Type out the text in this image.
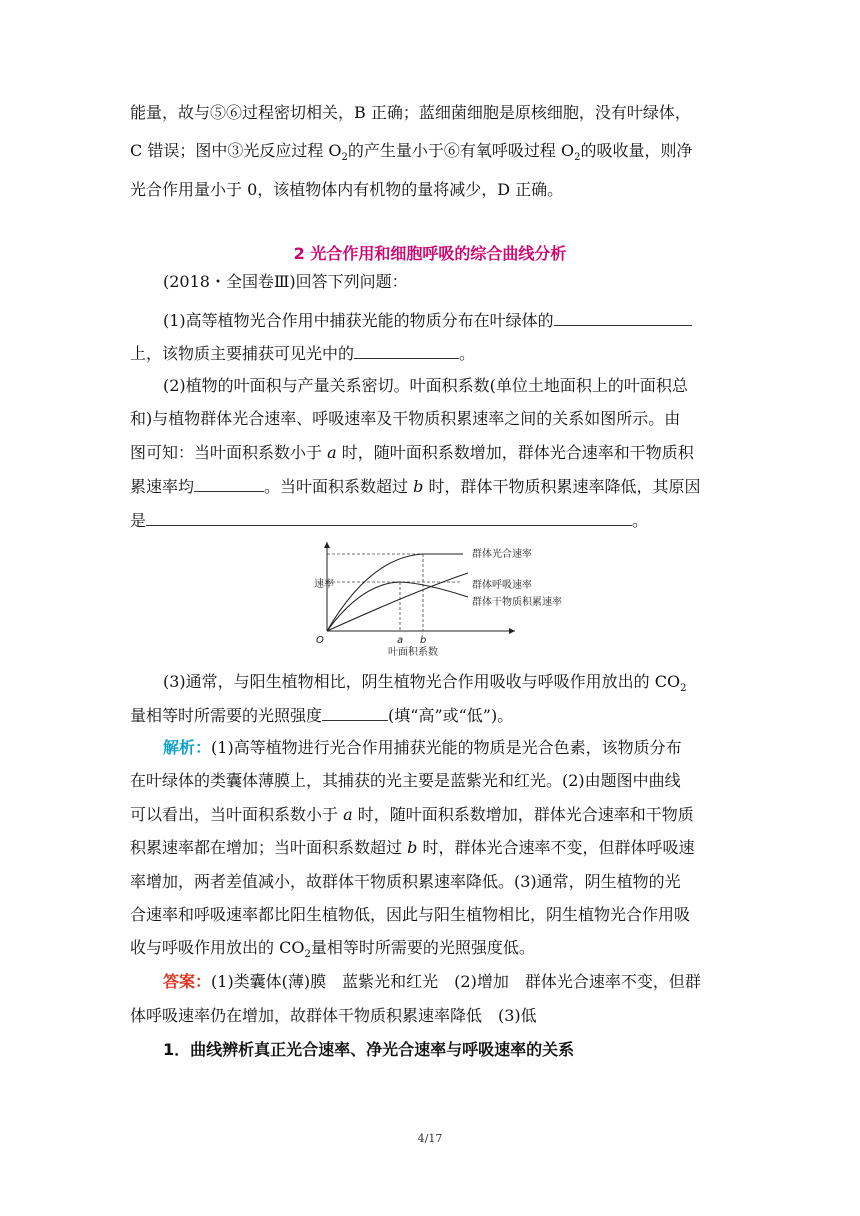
能量，故与⑤⑥过程密切相关，B 正确；蓝细菌细胞是原核细胞，没有叶绿体，
C 错误；图中③光反应过程 $O_2$的产生量小于⑥有氧呼吸过程 $O_2$的吸收量，则净
光合作用量小于 0，该植物体内有机物的量将减少，D 正确。
2 光合作用和细胞呼吸的综合曲线分析
(2018・全国卷Ⅲ)回答下列问题：
(1)高等植物光合作用中捕获光能的物质分布在叶绿体的
上，该物质主要捕获可见光中的	。
(2)植物的叶面积与产量关系密切。叶面积系数(单位土地面积上的叶面积总
和)与植物群体光合速率、呼吸速率及干物质积累速率之间的关系如图所示。由
图可知：当叶面积系数小于 a 时，随叶面积系数增加，群体光合速率和干物质积
累速率均	。当叶面积系数超过 b 时，群体干物质积累速率降低，其原因
是	。
速率
O	a b
叶面积系数
群体光合速率
群体呼吸速率
群体干物质积累速率
(3)通常，与阳生植物相比，阴生植物光合作用吸收与呼吸作用放出的 $CO_2$
量相等时所需要的光照强度	(填“高”或“低”)。
解析：(1)高等植物进行光合作用捕获光能的物质是光合色素，该物质分布
在叶绿体的类囊体薄膜上，其捕获的光主要是蓝紫光和红光。(2)由题图中曲线
可以看出，当叶面积系数小于 a 时，随叶面积系数增加，群体光合速率和干物质
积累速率都在增加；当叶面积系数超过 b 时，群体光合速率不变，但群体呼吸速
率增加，两者差值减小，故群体干物质积累速率降低。(3)通常，阴生植物的光
合速率和呼吸速率都比阳生植物低，因此与阳生植物相比，阴生植物光合作用吸
收与呼吸作用放出的 $CO_2$量相等时所需要的光照强度低。
答案：(1)类囊体(薄)膜　蓝紫光和红光　(2)增加　群体光合速率不变，但群
体呼吸速率仍在增加，故群体干物质积累速率降低　(3)低
1．曲线辨析真正光合速率、净光合速率与呼吸速率的关系
4/17
